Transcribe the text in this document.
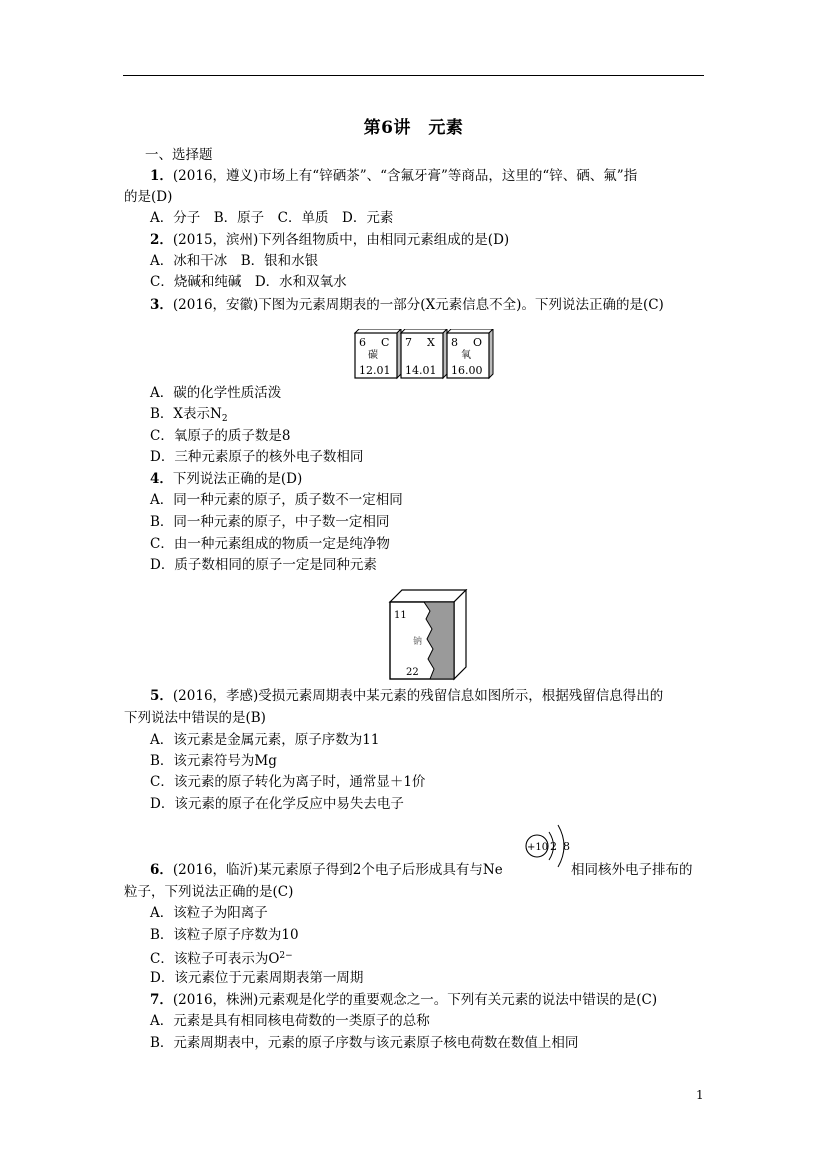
第6讲　元素
一、选择题
1．(2016，遵义)市场上有“锌硒茶”、“含氟牙膏”等商品，这里的“锌、硒、氟”指
的是(D)
A．分子　B．原子　C．单质　D．元素
2．(2015，滨州)下列各组物质中，由相同元素组成的是(D)
A．冰和干冰　B．银和水银
C．烧碱和纯碱　D．水和双氧水
3．(2016，安徽)下图为元素周期表的一部分(X元素信息不全)。下列说法正确的是(C)
6 C
碳
12.01
7 X
14.01
8 O
氧
16.00
A．碳的化学性质活泼
B．X表示$N_2$
C．氧原子的质子数是8
D．三种元素原子的核外电子数相同
4．下列说法正确的是(D)
A．同一种元素的原子，质子数不一定相同
B．同一种元素的原子，中子数一定相同
C．由一种元素组成的物质一定是纯净物
D．质子数相同的原子一定是同种元素
11
钠
22
5．(2016，孝感)受损元素周期表中某元素的残留信息如图所示，根据残留信息得出的
下列说法中错误的是(B)
A．该元素是金属元素，原子序数为11
B．该元素符号为Mg
C．该元素的原子转化为离子时，通常显＋1价
D．该元素的原子在化学反应中易失去电子
+10 2 8
6．(2016，临沂)某元素原子得到2个电子后形成具有与Ne	相同核外电子排布的
粒子，下列说法正确的是(C)
A．该粒子为阳离子
B．该粒子原子序数为10
C．该粒子可表示为$O^{2-}$
D．该元素位于元素周期表第一周期
7．(2016，株洲)元素观是化学的重要观念之一。下列有关元素的说法中错误的是(C)
A．元素是具有相同核电荷数的一类原子的总称
B．元素周期表中，元素的原子序数与该元素原子核电荷数在数值上相同
1
